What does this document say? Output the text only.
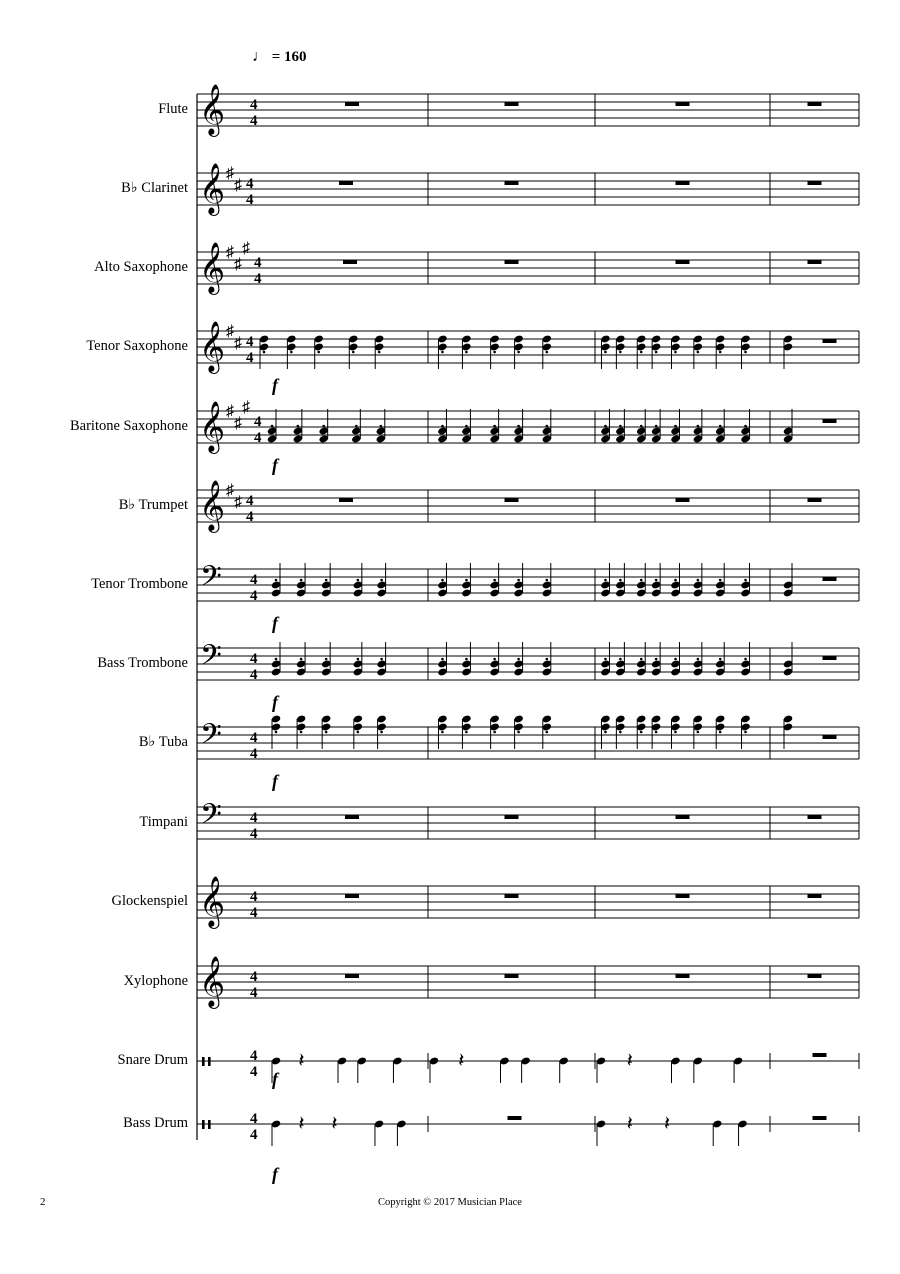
𝄞 4
4
𝄞 ♯
♯ 4
4
𝄞 ♯
♯
♯
4
4
𝄞 ♯
♯ 4
4
f
𝄞 ♯
♯
♯
4
4
f
𝄞 ♯
♯ 4
4
𝄢 4
4
f
𝄢 4
4
f
𝄢 4
4
f
𝄢 4
4
𝄞 4
4
𝄞 4
4
4
4 𝄽	𝄽	𝄽
f
4
4 𝄽 𝄽	𝄽 𝄽
f
♩ = 160
Flute
B♭ Clarinet
Alto Saxophone
Tenor Saxophone
Baritone Saxophone
B♭ Trumpet
Tenor Trombone
Bass Trombone
B♭ Tuba
Timpani
Glockenspiel
Xylophone
Snare Drum
Bass Drum
2	Copyright © 2017 Musician Place
